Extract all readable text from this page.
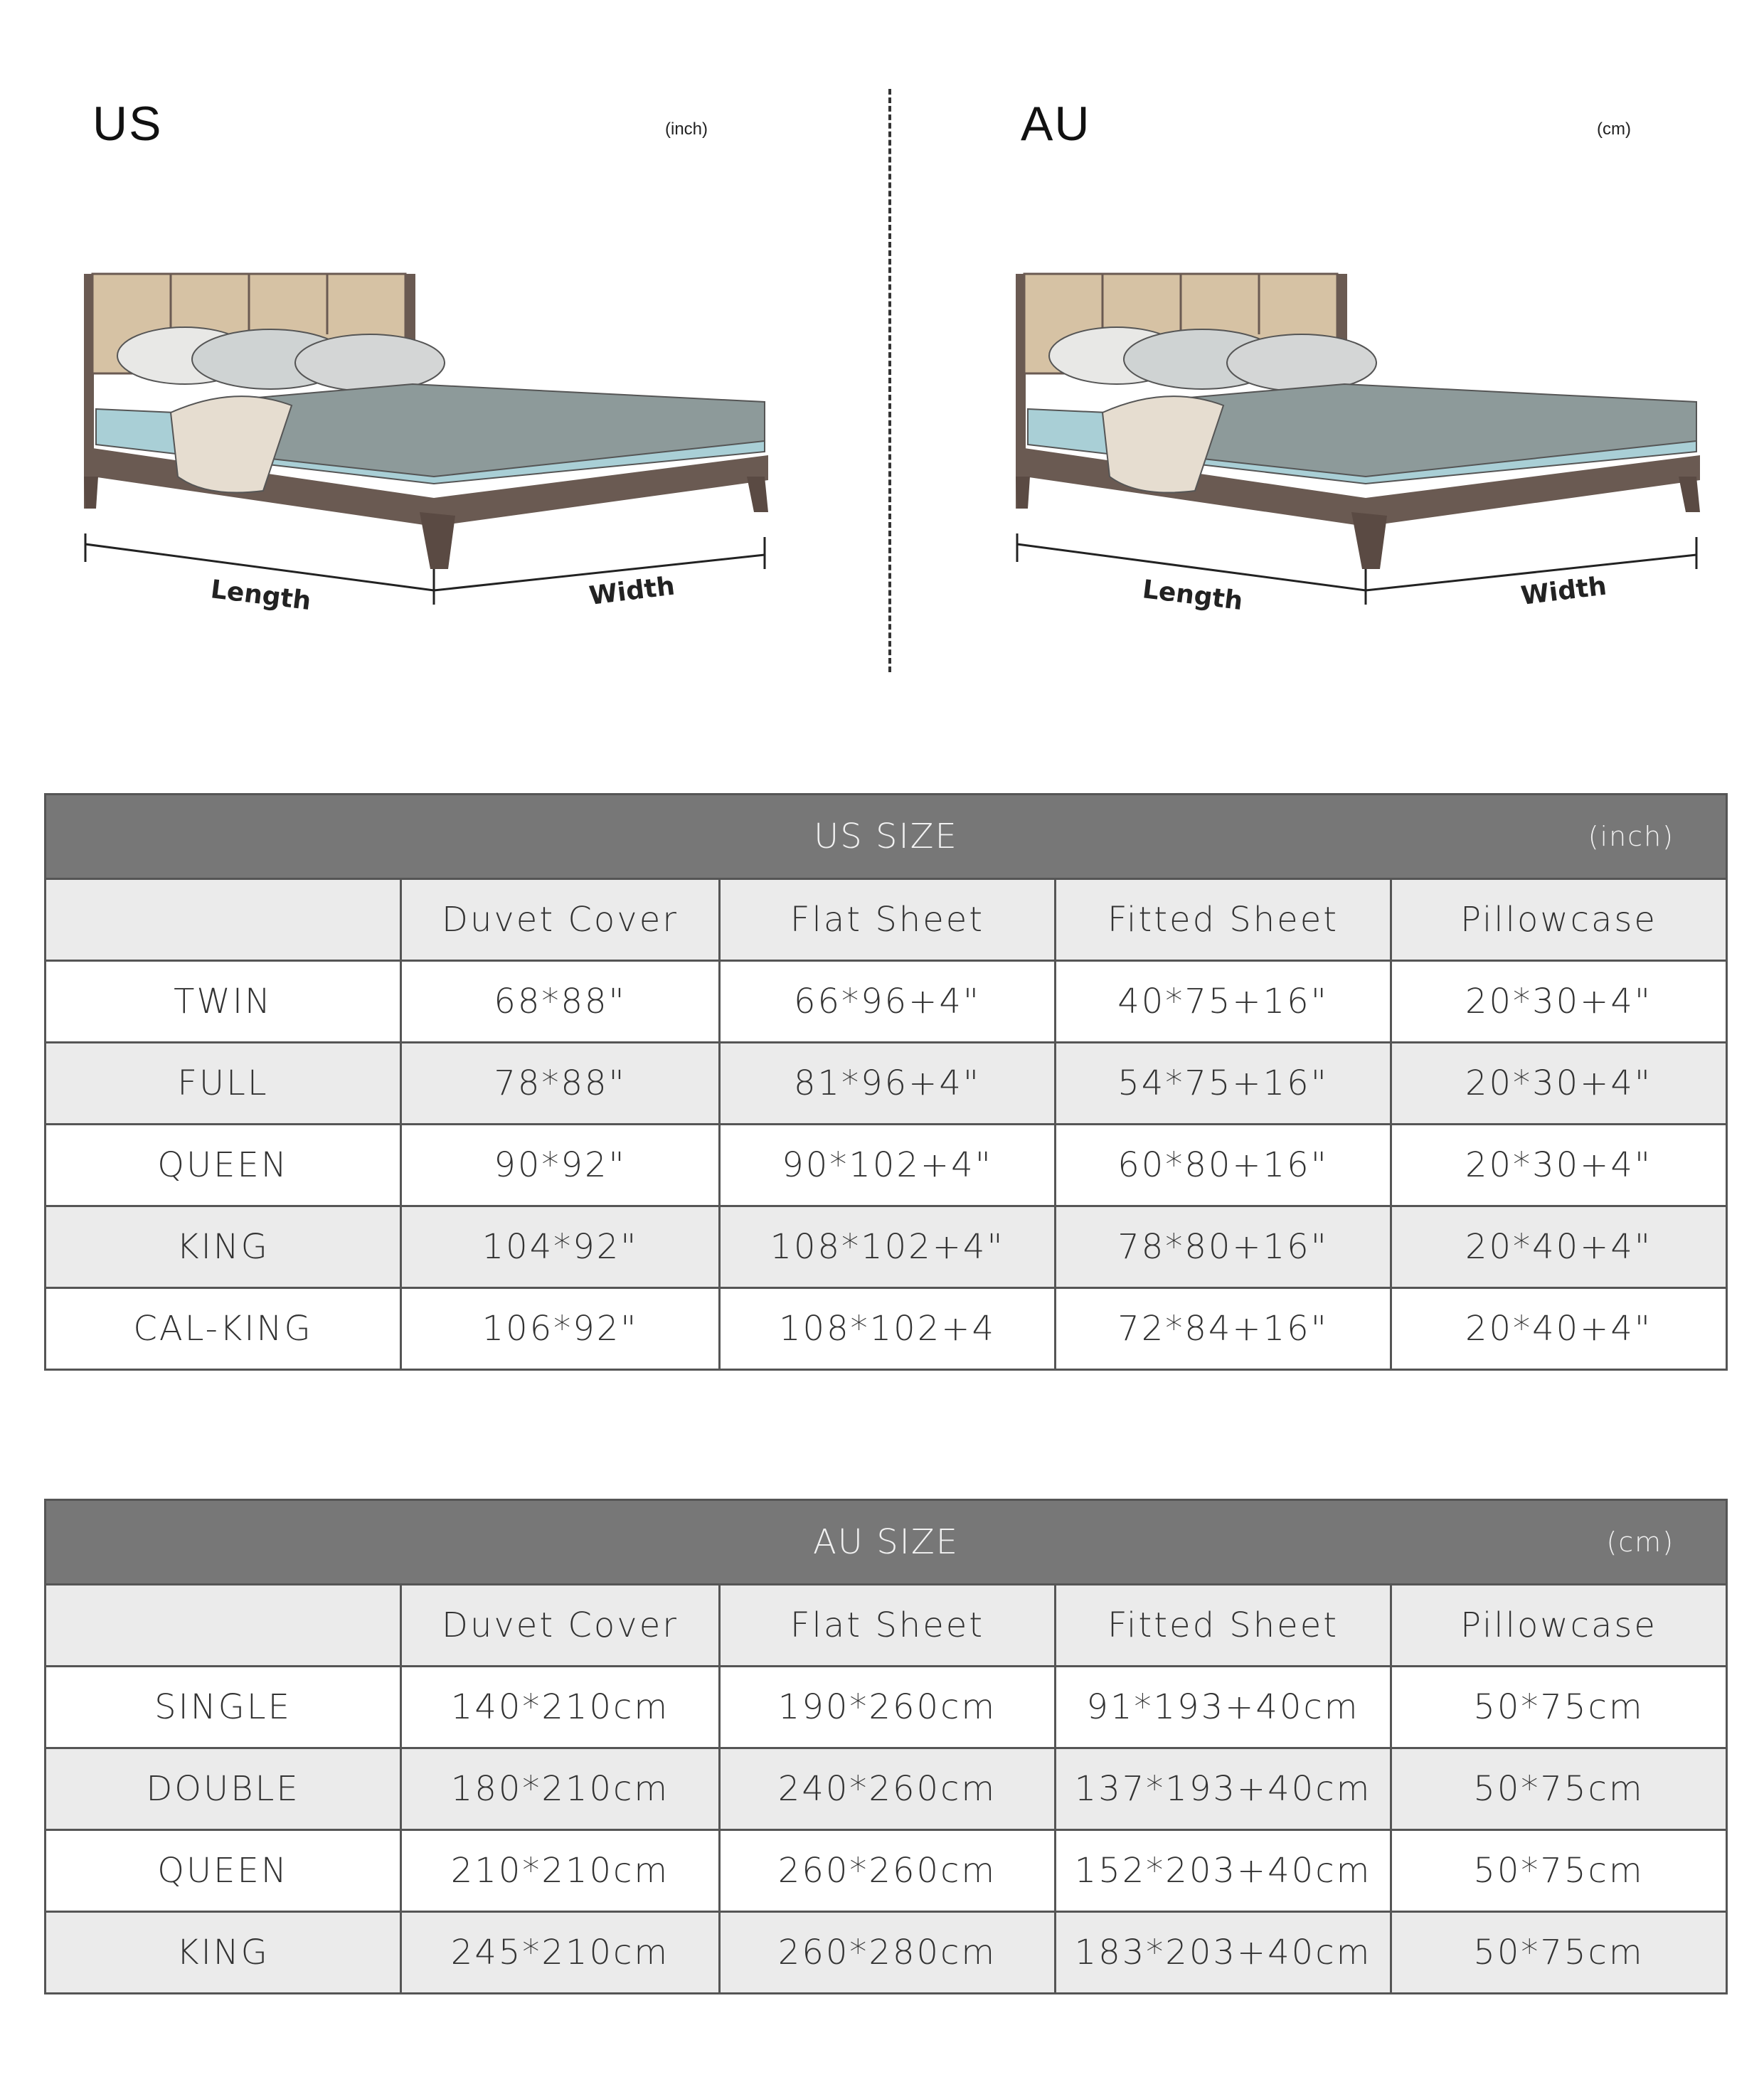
US	(inch)
Length	Width
AU	(cm)
Length	Width
US SIZE (inch)				

	Duvet Cover	Flat Sheet	Fitted Sheet	Pillowcase
TWIN	68*88"	66*96+4"	40*75+16"	20*30+4"
FULL	78*88"	81*96+4"	54*75+16"	20*30+4"
QUEEN	90*92"	90*102+4"	60*80+16"	20*30+4"
KING	104*92"	108*102+4"	78*80+16"	20*40+4"
CAL-KING	106*92"	108*102+4	72*84+16"	20*40+4"
AU SIZE (cm)				

	Duvet Cover	Flat Sheet	Fitted Sheet	Pillowcase
SINGLE	140*210cm	190*260cm	91*193+40cm	50*75cm
DOUBLE	180*210cm	240*260cm	137*193+40cm	50*75cm
QUEEN	210*210cm	260*260cm	152*203+40cm	50*75cm
KING	245*210cm	260*280cm	183*203+40cm	50*75cm
